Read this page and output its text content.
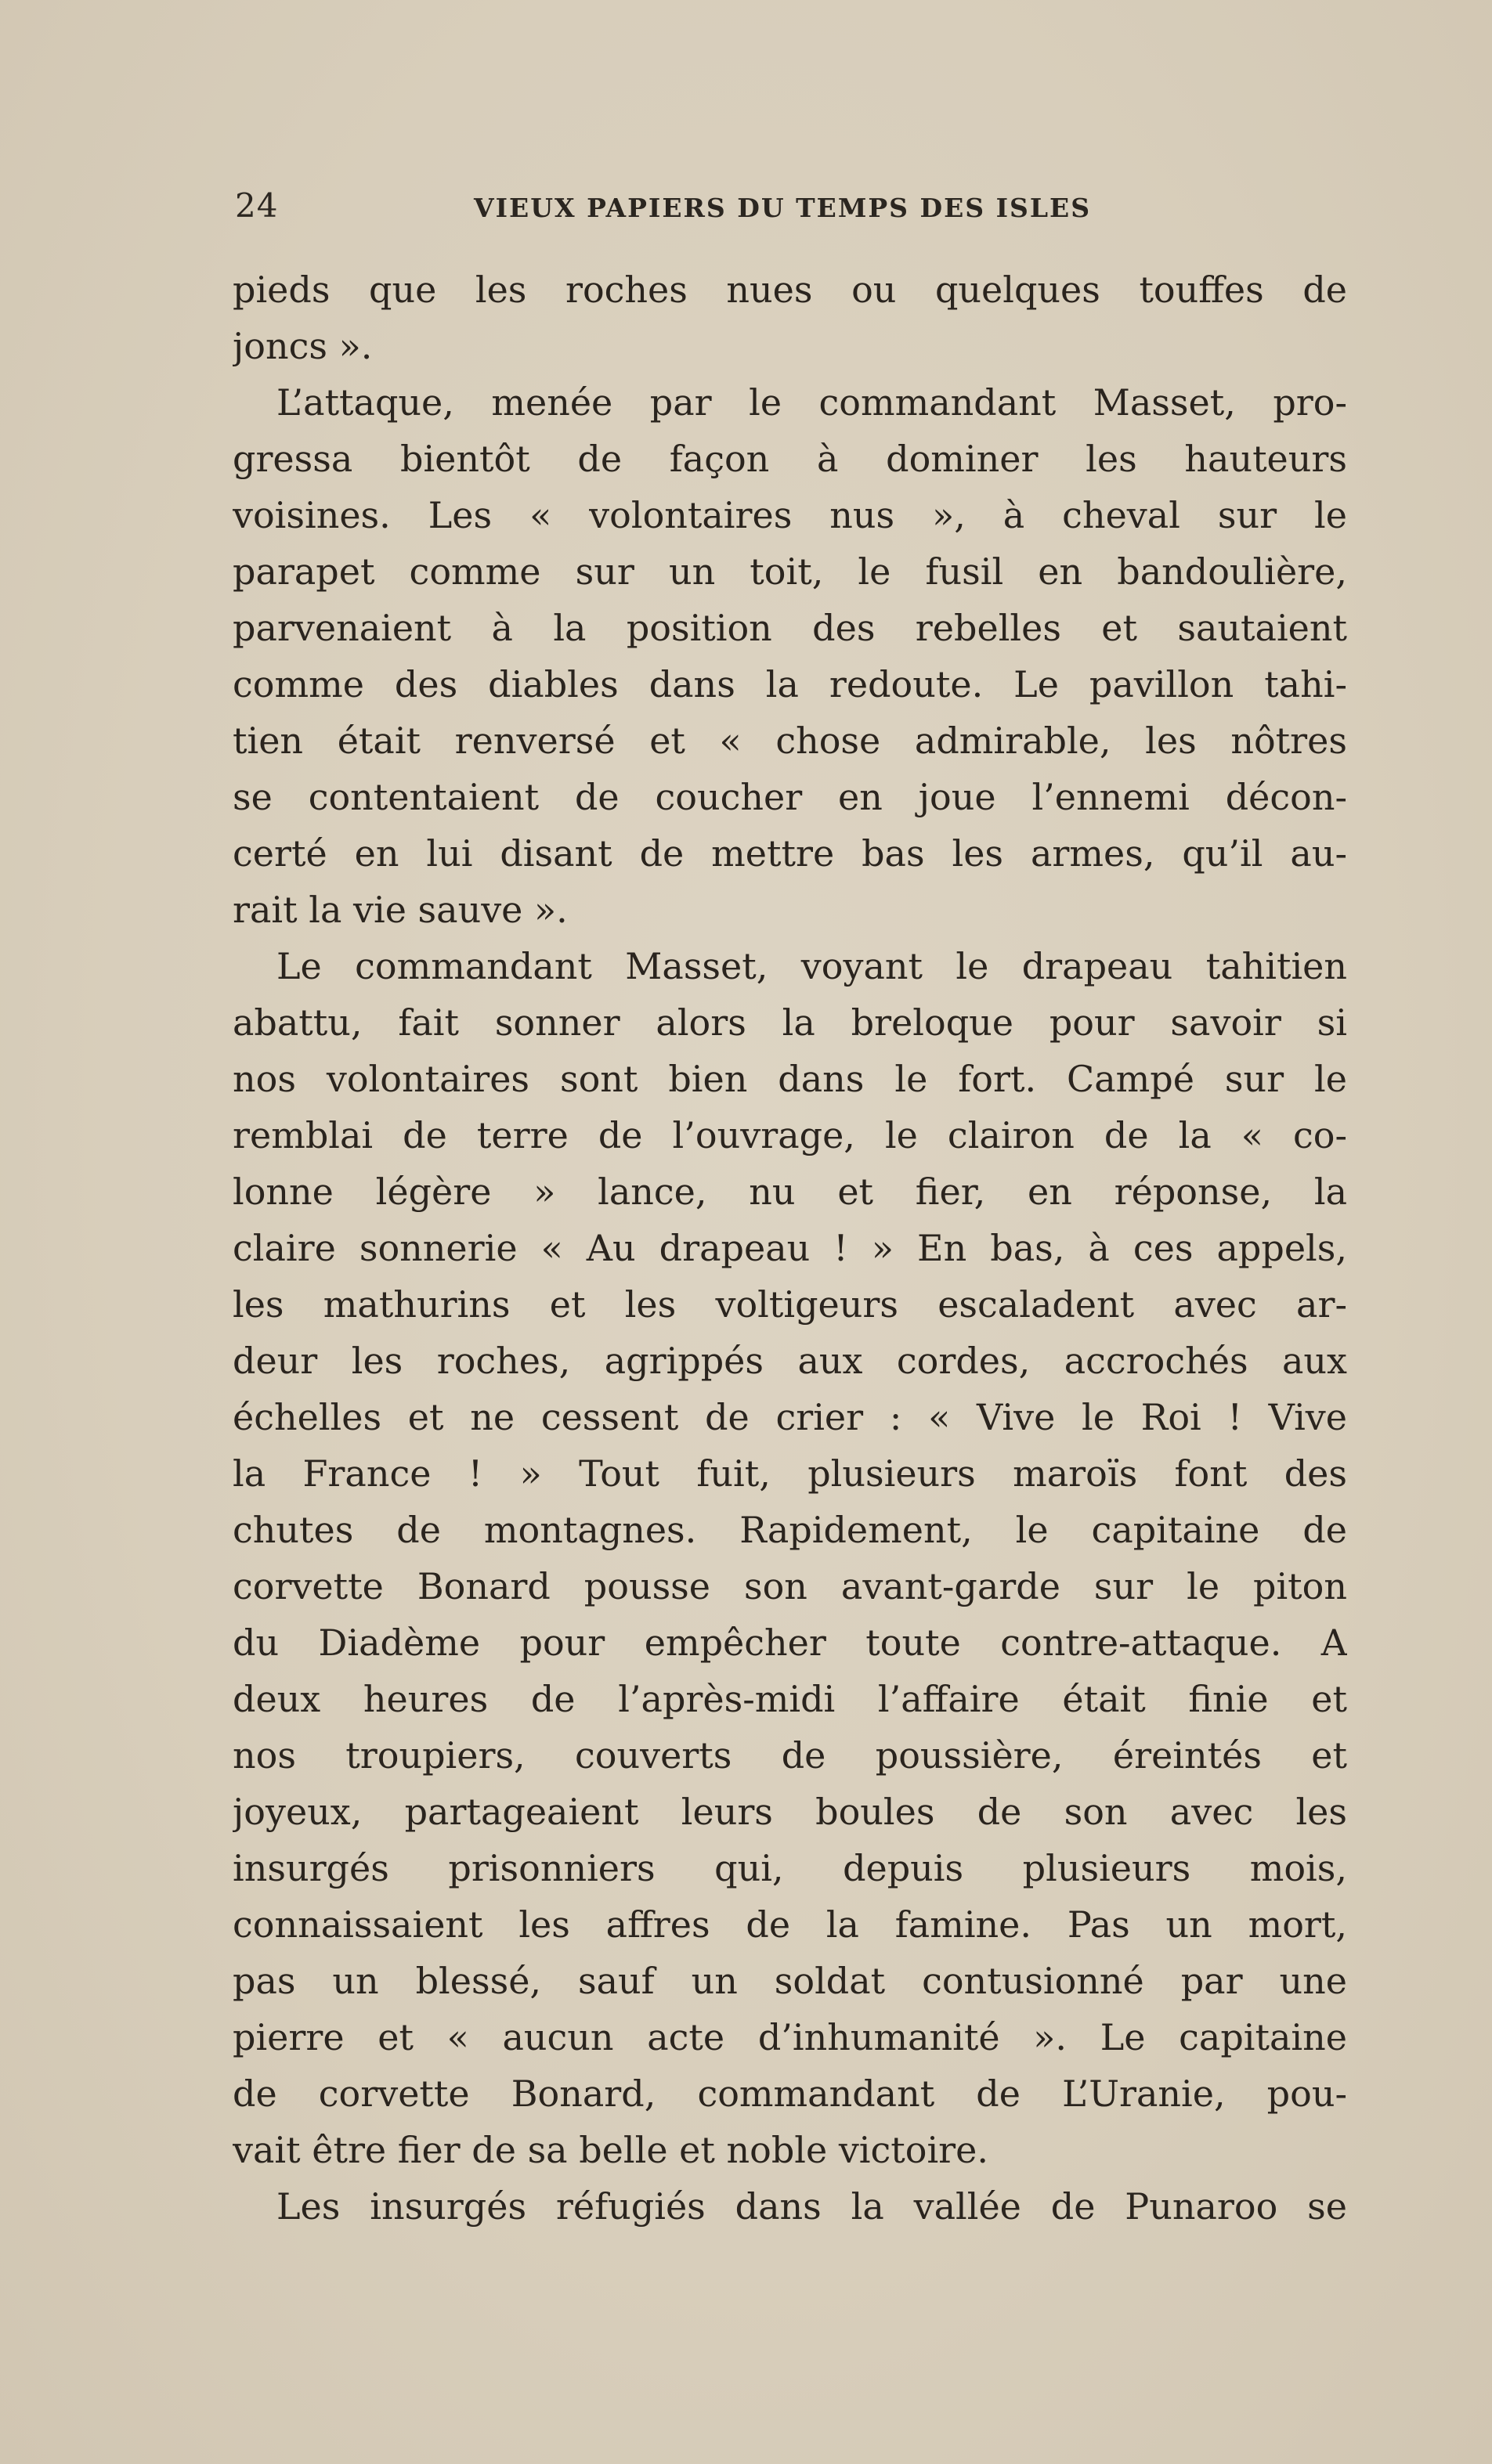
24	VIEUX PAPIERS DU TEMPS DES ISLES
pieds que les roches nues ou quelques touffes de
joncs ».
L’attaque, menée par le commandant Masset, pro-
gressa bientôt de façon à dominer les hauteurs
voisines. Les « volontaires nus », à cheval sur le
parapet comme sur un toit, le fusil en bandoulière,
parvenaient à la position des rebelles et sautaient
comme des diables dans la redoute. Le pavillon tahi-
tien était renversé et « chose admirable, les nôtres
se contentaient de coucher en joue l’ennemi décon-
certé en lui disant de mettre bas les armes, qu’il au-
rait la vie sauve ».
Le commandant Masset, voyant le drapeau tahitien
abattu, fait sonner alors la breloque pour savoir si
nos volontaires sont bien dans le fort. Campé sur le
remblai de terre de l’ouvrage, le clairon de la « co-
lonne légère » lance, nu et fier, en réponse, la
claire sonnerie « Au drapeau ! » En bas, à ces appels,
les mathurins et les voltigeurs escaladent avec ar-
deur les roches, agrippés aux cordes, accrochés aux
échelles et ne cessent de crier : « Vive le Roi ! Vive
la France ! » Tout fuit, plusieurs maroïs font des
chutes de montagnes. Rapidement, le capitaine de
corvette Bonard pousse son avant-garde sur le piton
du Diadème pour empêcher toute contre-attaque. A
deux heures de l’après-midi l’affaire était finie et
nos troupiers, couverts de poussière, éreintés et
joyeux, partageaient leurs boules de son avec les
insurgés prisonniers qui, depuis plusieurs mois,
connaissaient les affres de la famine. Pas un mort,
pas un blessé, sauf un soldat contusionné par une
pierre et « aucun acte d’inhumanité ». Le capitaine
de corvette Bonard, commandant de L’Uranie, pou-
vait être fier de sa belle et noble victoire.
Les insurgés réfugiés dans la vallée de Punaroo se
